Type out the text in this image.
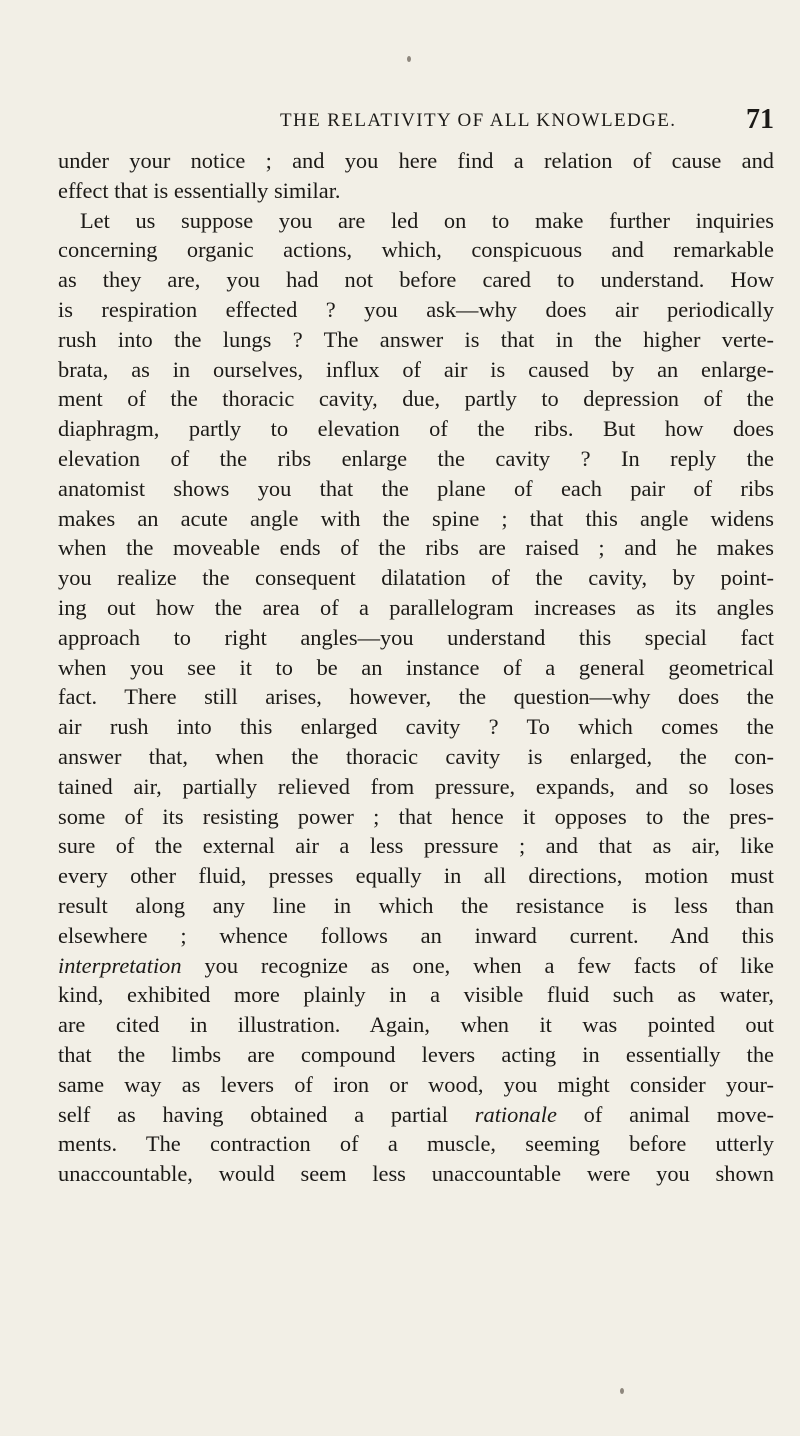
THE RELATIVITY OF ALL KNOWLEDGE. 71
under your notice ; and you here find a relation of cause and
effect that is essentially similar.
Let us suppose you are led on to make further inquiries
concerning organic actions, which, conspicuous and remarkable
as they are, you had not before cared to understand. How
is respiration effected ? you ask—why does air periodically
rush into the lungs ? The answer is that in the higher verte-
brata, as in ourselves, influx of air is caused by an enlarge-
ment of the thoracic cavity, due, partly to depression of the
diaphragm, partly to elevation of the ribs. But how does
elevation of the ribs enlarge the cavity ? In reply the
anatomist shows you that the plane of each pair of ribs
makes an acute angle with the spine ; that this angle widens
when the moveable ends of the ribs are raised ; and he makes
you realize the consequent dilatation of the cavity, by point-
ing out how the area of a parallelogram increases as its angles
approach to right angles—you understand this special fact
when you see it to be an instance of a general geometrical
fact. There still arises, however, the question—why does the
air rush into this enlarged cavity ? To which comes the
answer that, when the thoracic cavity is enlarged, the con-
tained air, partially relieved from pressure, expands, and so loses
some of its resisting power ; that hence it opposes to the pres-
sure of the external air a less pressure ; and that as air, like
every other fluid, presses equally in all directions, motion must
result along any line in which the resistance is less than
elsewhere ; whence follows an inward current. And this
interpretation you recognize as one, when a few facts of like
kind, exhibited more plainly in a visible fluid such as water,
are cited in illustration. Again, when it was pointed out
that the limbs are compound levers acting in essentially the
same way as levers of iron or wood, you might consider your-
self as having obtained a partial rationale of animal move-
ments. The contraction of a muscle, seeming before utterly
unaccountable, would seem less unaccountable were you shown
